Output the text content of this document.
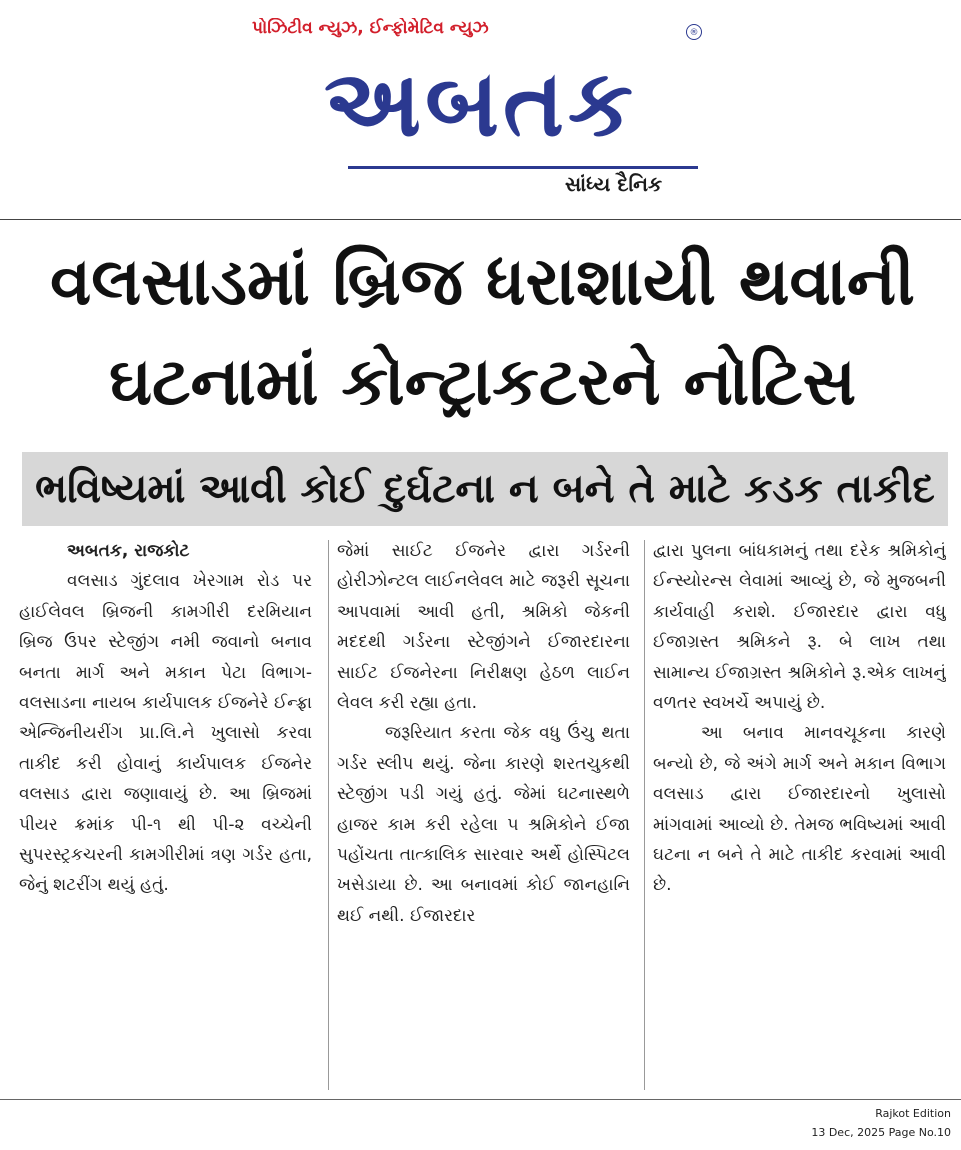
પોઝિટીવ ન્યુઝ, ઈન્ફોમેટિવ ન્યુઝ	®
અબતક
સાંધ્ય દૈનિક
વલસાડમાં બ્રિજ ધરાશાયી થવાની
ઘટનામાં કોન્ટ્રાકટરને નોટિસ
ભવિષ્યમાં આવી કોઈ દુર્ઘટના ન બને તે માટે કડક તાકીદ
અબતક, રાજકોટ

વલસાડ ગુંદલાવ ખેરગામ રોડ પર હાઈલેવલ બ્રિજની કામગીરી દરમિયાન બ્રિજ ઉપર સ્ટેજીંગ નમી જવાનો બનાવ બનતા માર્ગ અને મકાન પેટા વિભાગ-વલસાડના નાયબ કાર્યપાલક ઈજનેરે ઈન્ફ્રા એન્જિનીયરીંગ પ્રા.લિ.ને ખુલાસો કરવા તાકીદ કરી હોવાનું કાર્યપાલક ઈજનેર વલસાડ દ્વારા જણાવાયું છે. આ બ્રિજમાં પીયર ક્રમાંક પી-૧ થી પી-૨ વચ્ચેની સુપરસ્ટ્રકચરની કામગીરીમાં ત્રણ ગર્ડર હતા, જેનું શટરીંગ થયું હતું.

જેમાં સાઈટ ઈજનેર દ્વારા ગર્ડરની હોરીઝોન્ટલ લાઈનલેવલ માટે જરૂરી સૂચના આપવામાં આવી હતી, શ્રમિકો જેકની મદદથી ગર્ડરના સ્ટેજીંગને ઈજારદારના સાઈટ ઈજનેરના નિરીક્ષણ હેઠળ લાઈન લેવલ કરી રહ્યા હતા.

જરૂરિયાત કરતા જેક વધુ ઉંચુ થતા ગર્ડર સ્લીપ થયું. જેના કારણે શરતચુકથી સ્ટેજીંગ પડી ગયું હતું. જેમાં ઘટનાસ્થળે હાજર કામ કરી રહેલા ૫ શ્રમિકોને ઈજા પહોંચતા તાત્કાલિક સારવાર અર્થે હોસ્પિટલ ખસેડાયા છે. આ બનાવમાં કોઈ જાનહાનિ થઈ નથી. ઈજારદાર

દ્વારા પુલના બાંધકામનું તથા દરેક શ્રમિકોનું ઈન્સ્યોરન્સ લેવામાં આવ્યું છે, જે મુજબની કાર્યવાહી કરાશે. ઈજારદાર દ્વારા વધુ ઈજાગ્રસ્ત શ્રમિકને રૂ. બે લાખ તથા સામાન્ય ઈજાગ્રસ્ત શ્રમિકોને રૂ.એક લાખનું વળતર સ્વખર્ચે અપાયું છે.

આ બનાવ માનવચૂકના કારણે બન્યો છે, જે અંગે માર્ગ અને મકાન વિભાગ વલસાડ દ્વારા ઈજારદારનો ખુલાસો માંગવામાં આવ્યો છે. તેમજ ભવિષ્યમાં આવી ઘટના ન બને તે માટે તાકીદ કરવામાં આવી છે.

Rajkot Edition
13 Dec, 2025 Page No.10
